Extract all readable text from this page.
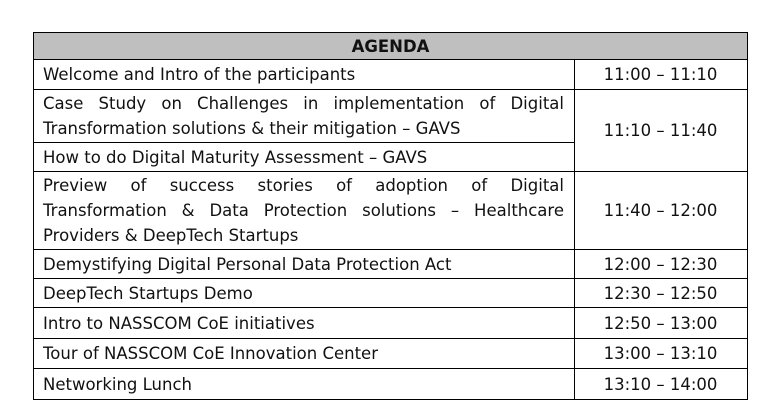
AGENDA	
Welcome and Intro of the participants	11:00 – 11:10
Case Study on Challenges in implementation of Digital Transformation solutions & their mitigation – GAVS	11:10 – 11:40
How to do Digital Maturity Assessment – GAVS	
Preview of success stories of adoption of Digital Transformation & Data Protection solutions – Healthcare Providers & DeepTech Startups	11:40 – 12:00
Demystifying Digital Personal Data Protection Act	12:00 – 12:30
DeepTech Startups Demo	12:30 – 12:50
Intro to NASSCOM CoE initiatives	12:50 – 13:00
Tour of NASSCOM CoE Innovation Center	13:00 – 13:10
Networking Lunch	13:10 – 14:00
